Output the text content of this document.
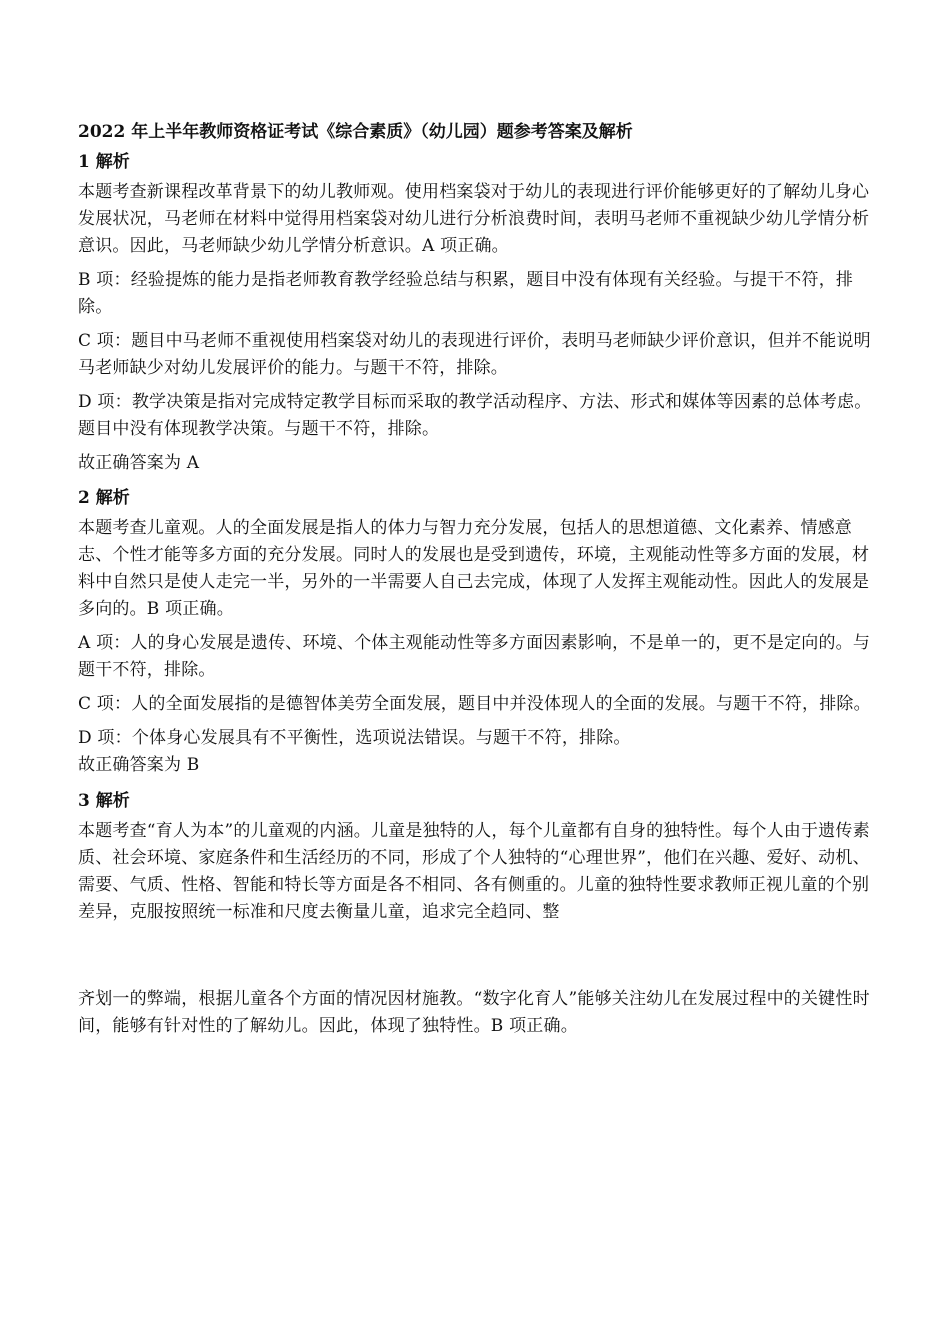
2022 年上半年教师资格证考试《综合素质》（幼儿园）题参考答案及解析
1 解析

本题考查新课程改革背景下的幼儿教师观。使用档案袋对于幼儿的表现进行评价能够更好的了解幼儿身心发展状况，马老师在材料中觉得用档案袋对幼儿进行分析浪费时间，表明马老师不重视缺少幼儿学情分析意识。因此，马老师缺少幼儿学情分析意识。A 项正确。

B 项：经验提炼的能力是指老师教育教学经验总结与积累，题目中没有体现有关经验。与提干不符，排除。

C 项：题目中马老师不重视使用档案袋对幼儿的表现进行评价，表明马老师缺少评价意识，但并不能说明马老师缺少对幼儿发展评价的能力。与题干不符，排除。

D 项：教学决策是指对完成特定教学目标而采取的教学活动程序、方法、形式和媒体等因素的总体考虑。题目中没有体现教学决策。与题干不符，排除。

故正确答案为 A

2 解析

本题考查儿童观。人的全面发展是指人的体力与智力充分发展，包括人的思想道德、文化素养、情感意志、个性才能等多方面的充分发展。同时人的发展也是受到遗传，环境，主观能动性等多方面的发展，材料中自然只是使人走完一半，另外的一半需要人自己去完成，体现了人发挥主观能动性。因此人的发展是多向的。B 项正确。

A 项：人的身心发展是遗传、环境、个体主观能动性等多方面因素影响，不是单一的，更不是定向的。与题干不符，排除。

C 项：人的全面发展指的是德智体美劳全面发展，题目中并没体现人的全面的发展。与题干不符，排除。

D 项：个体身心发展具有不平衡性，选项说法错误。与题干不符，排除。

故正确答案为 B

3 解析

本题考查“育人为本”的儿童观的内涵。儿童是独特的人，每个儿童都有自身的独特性。每个人由于遗传素质、社会环境、家庭条件和生活经历的不同，形成了个人独特的“心理世界”，他们在兴趣、爱好、动机、需要、气质、性格、智能和特长等方面是各不相同、各有侧重的。儿童的独特性要求教师正视儿童的个别差异，克服按照统一标准和尺度去衡量儿童，追求完全趋同、整

齐划一的弊端，根据儿童各个方面的情况因材施教。“数字化育人”能够关注幼儿在发展过程中的关键性时间，能够有针对性的了解幼儿。因此，体现了独特性。B 项正确。
